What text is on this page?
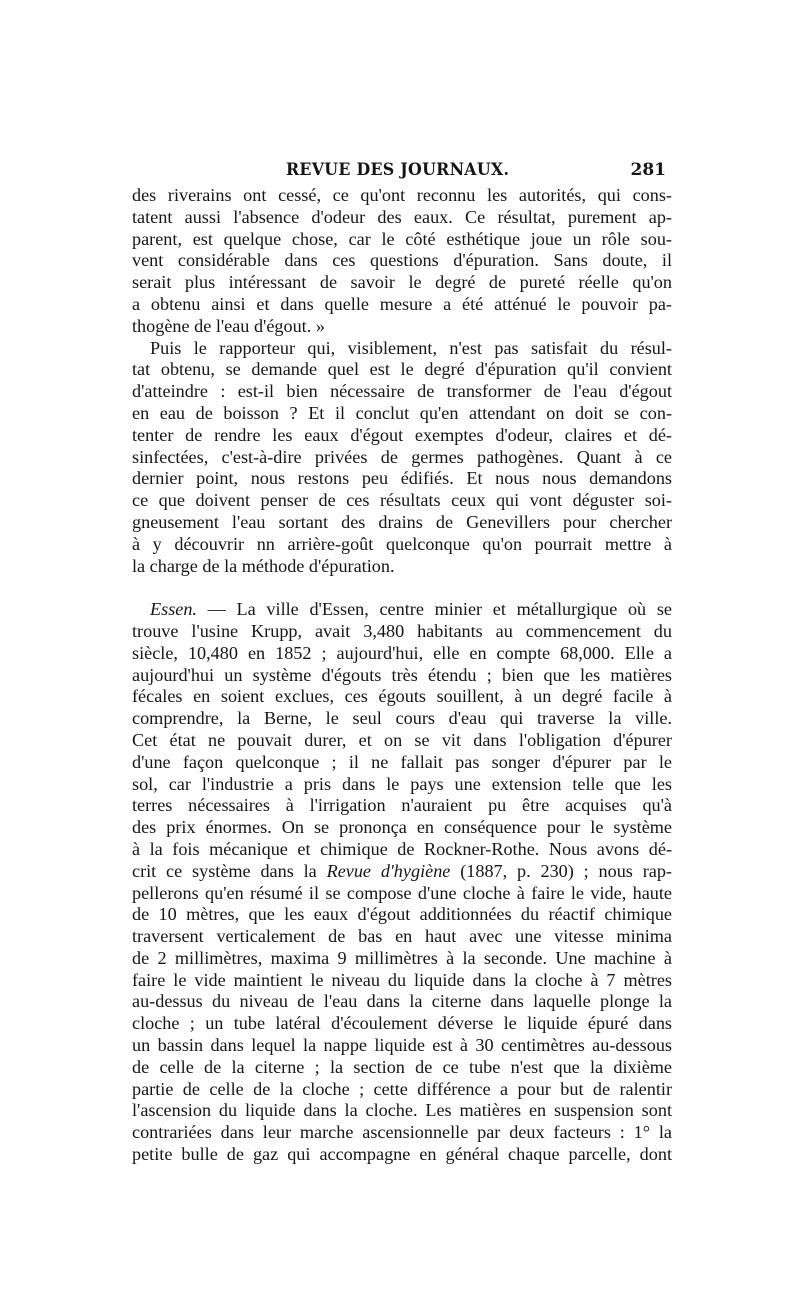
REVUE DES JOURNAUX.	281
des riverains ont cessé, ce qu'ont reconnu les autorités, qui cons-
tatent aussi l'absence d'odeur des eaux. Ce résultat, purement ap-
parent, est quelque chose, car le côté esthétique joue un rôle sou-
vent considérable dans ces questions d'épuration. Sans doute, il
serait plus intéressant de savoir le degré de pureté réelle qu'on
a obtenu ainsi et dans quelle mesure a été atténué le pouvoir pa-
thogène de l'eau d'égout. »
Puis le rapporteur qui, visiblement, n'est pas satisfait du résul-
tat obtenu, se demande quel est le degré d'épuration qu'il convient
d'atteindre : est-il bien nécessaire de transformer de l'eau d'égout
en eau de boisson ? Et il conclut qu'en attendant on doit se con-
tenter de rendre les eaux d'égout exemptes d'odeur, claires et dé-
sinfectées, c'est-à-dire privées de germes pathogènes. Quant à ce
dernier point, nous restons peu édifiés. Et nous nous demandons
ce que doivent penser de ces résultats ceux qui vont déguster soi-
gneusement l'eau sortant des drains de Genevillers pour chercher
à y découvrir nn arrière-goût quelconque qu'on pourrait mettre à
la charge de la méthode d'épuration.
Essen. — La ville d'Essen, centre minier et métallurgique où se
trouve l'usine Krupp, avait 3,480 habitants au commencement du
siècle, 10,480 en 1852 ; aujourd'hui, elle en compte 68,000. Elle a
aujourd'hui un système d'égouts très étendu ; bien que les matières
fécales en soient exclues, ces égouts souillent, à un degré facile à
comprendre, la Berne, le seul cours d'eau qui traverse la ville.
Cet état ne pouvait durer, et on se vit dans l'obligation d'épurer
d'une façon quelconque ; il ne fallait pas songer d'épurer par le
sol, car l'industrie a pris dans le pays une extension telle que les
terres nécessaires à l'irrigation n'auraient pu être acquises qu'à
des prix énormes. On se prononça en conséquence pour le système
à la fois mécanique et chimique de Rockner-Rothe. Nous avons dé-
crit ce système dans la Revue d'hygiène (1887, p. 230) ; nous rap-
pellerons qu'en résumé il se compose d'une cloche à faire le vide, haute
de 10 mètres, que les eaux d'égout additionnées du réactif chimique
traversent verticalement de bas en haut avec une vitesse minima
de 2 millimètres, maxima 9 millimètres à la seconde. Une machine à
faire le vide maintient le niveau du liquide dans la cloche à 7 mètres
au-dessus du niveau de l'eau dans la citerne dans laquelle plonge la
cloche ; un tube latéral d'écoulement déverse le liquide épuré dans
un bassin dans lequel la nappe liquide est à 30 centimètres au-dessous
de celle de la citerne ; la section de ce tube n'est que la dixième
partie de celle de la cloche ; cette différence a pour but de ralentir
l'ascension du liquide dans la cloche. Les matières en suspension sont
contrariées dans leur marche ascensionnelle par deux facteurs : 1° la
petite bulle de gaz qui accompagne en général chaque parcelle, dont
